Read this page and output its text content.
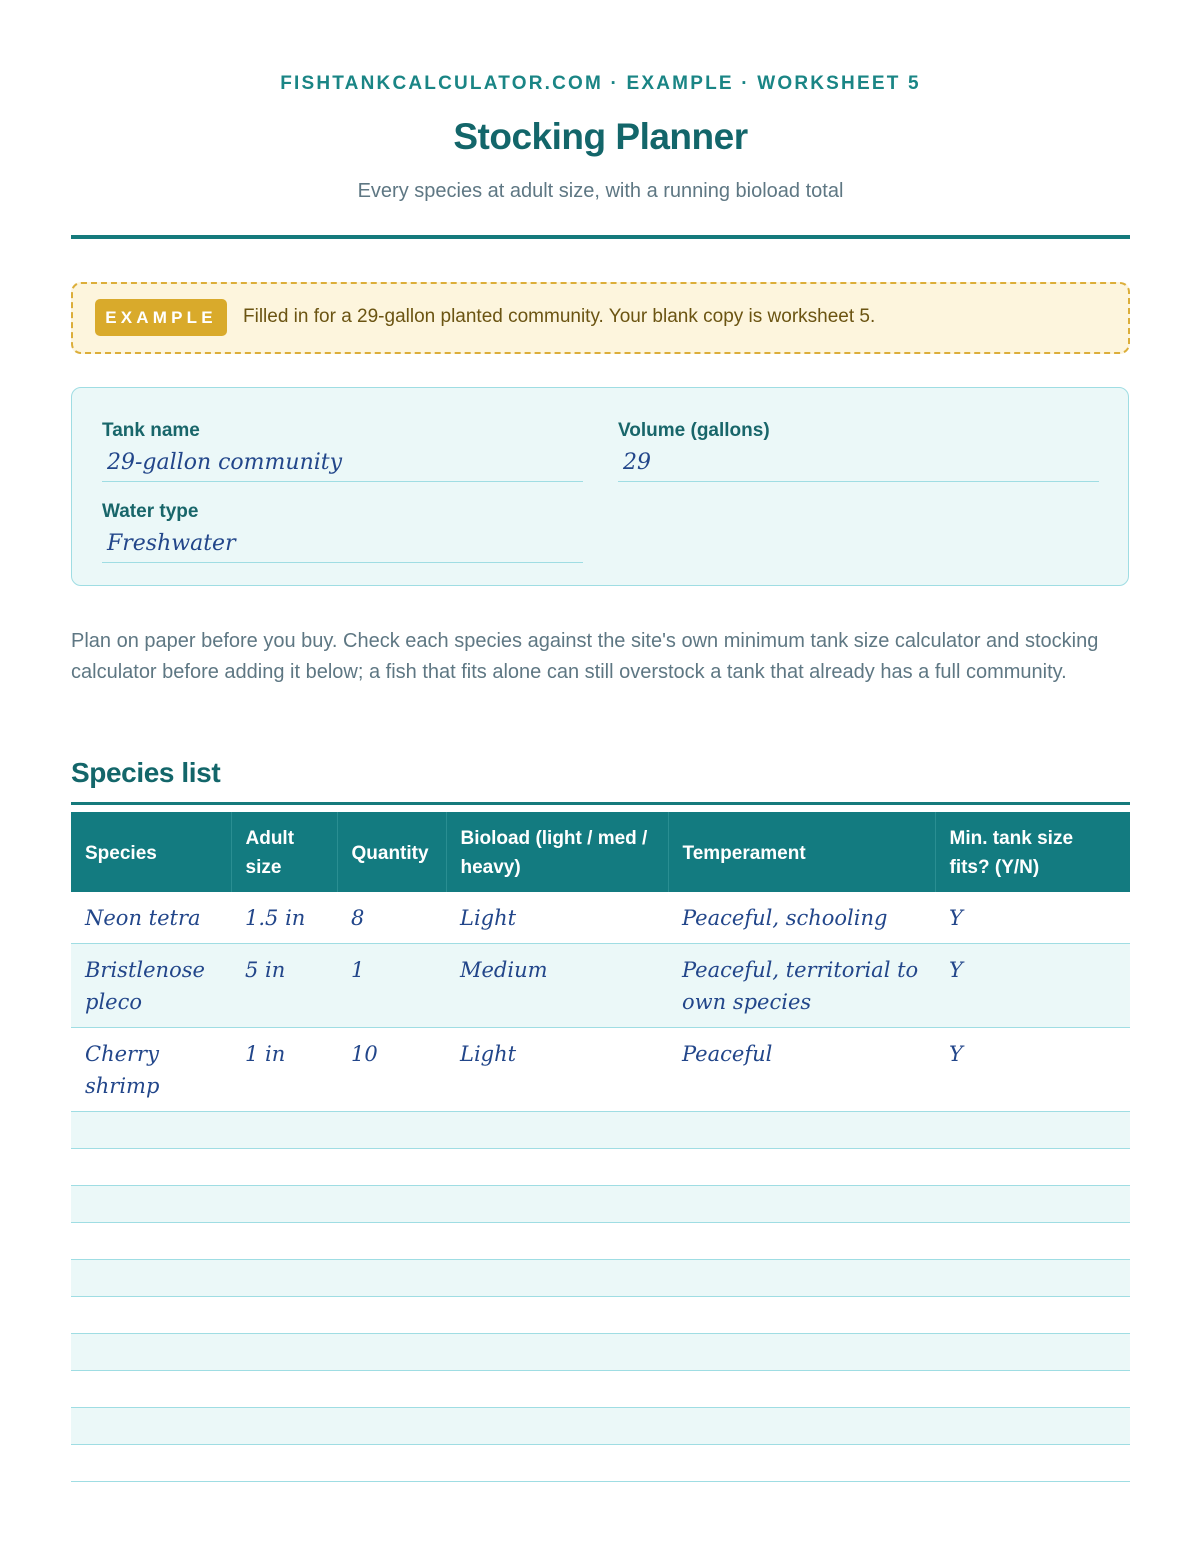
FISHTANKCALCULATOR.COM · EXAMPLE · WORKSHEET 5
Stocking Planner
Every species at adult size, with a running bioload total
EXAMPLE	Filled in for a 29-gallon planted community. Your blank copy is worksheet 5.
Tank name
29-gallon community
Volume (gallons)
29
Water type
Freshwater
Plan on paper before you buy. Check each species against the site's own minimum tank size calculator and stocking calculator before adding it below; a fish that fits alone can still overstock a tank that already has a full community.
Species list
Species	Adult size	Quantity	Bioload (light / med / heavy)	Temperament	Min. tank size fits? (Y/N)
Neon tetra	1.5 in	8	Light	Peaceful, schooling	Y
Bristlenose pleco	5 in	1	Medium	Peaceful, territorial to own species	Y
Cherry shrimp	1 in	10	Light	Peaceful	Y
